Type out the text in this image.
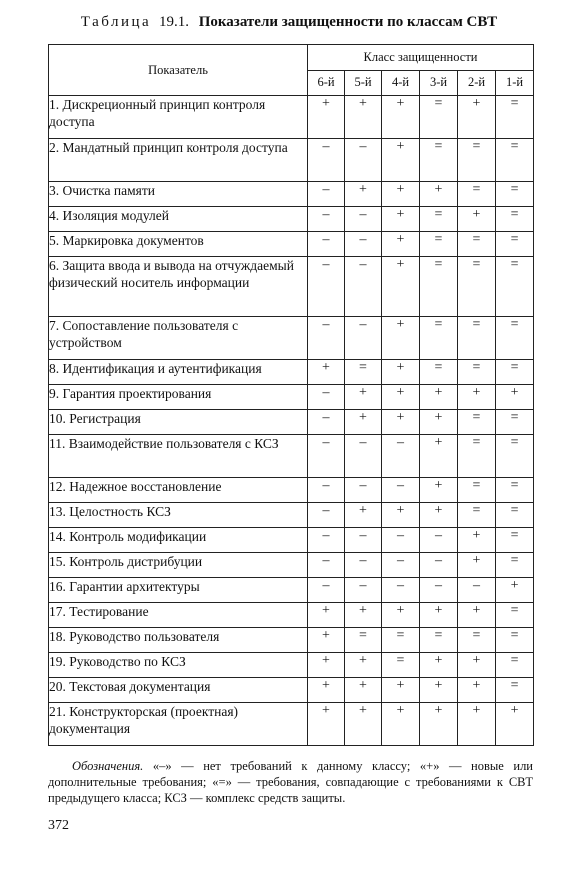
Таблица 19.1. Показатели защищенности по классам СВТ
Показатель	Класс защищенности					
	6-й	5-й	4-й	3-й	2-й	1-й
1. Дискреционный принцип контроля доступа	+	+	+	=	+	=
2. Мандатный принцип контроля доступа	–	–	+	=	=	=
3. Очистка памяти	–	+	+	+	=	=
4. Изоляция модулей	–	–	+	=	+	=
5. Маркировка документов	–	–	+	=	=	=
6. Защита ввода и вывода на отчуждаемый физический носитель информации	–	–	+	=	=	=
7. Сопоставление пользователя с устройством	–	–	+	=	=	=
8. Идентификация и аутентификация	+	=	+	=	=	=
9. Гарантия проектирования	–	+	+	+	+	+
10. Регистрация	–	+	+	+	=	=
11. Взаимодействие пользователя с КСЗ	–	–	–	+	=	=
12. Надежное восстановление	–	–	–	+	=	=
13. Целостность КСЗ	–	+	+	+	=	=
14. Контроль модификации	–	–	–	–	+	=
15. Контроль дистрибуции	–	–	–	–	+	=
16. Гарантии архитектуры	–	–	–	–	–	+
17. Тестирование	+	+	+	+	+	=
18. Руководство пользователя	+	=	=	=	=	=
19. Руководство по КСЗ	+	+	=	+	+	=
20. Текстовая документация	+	+	+	+	+	=
21. Конструкторская (проектная) документация	+	+	+	+	+	+
Обозначения. «–» — нет требований к данному классу; «+» — новые или дополнительные требования; «=» — требования, совпадающие с требованиями к СВТ предыдущего класса; КСЗ — комплекс средств защиты.
372
